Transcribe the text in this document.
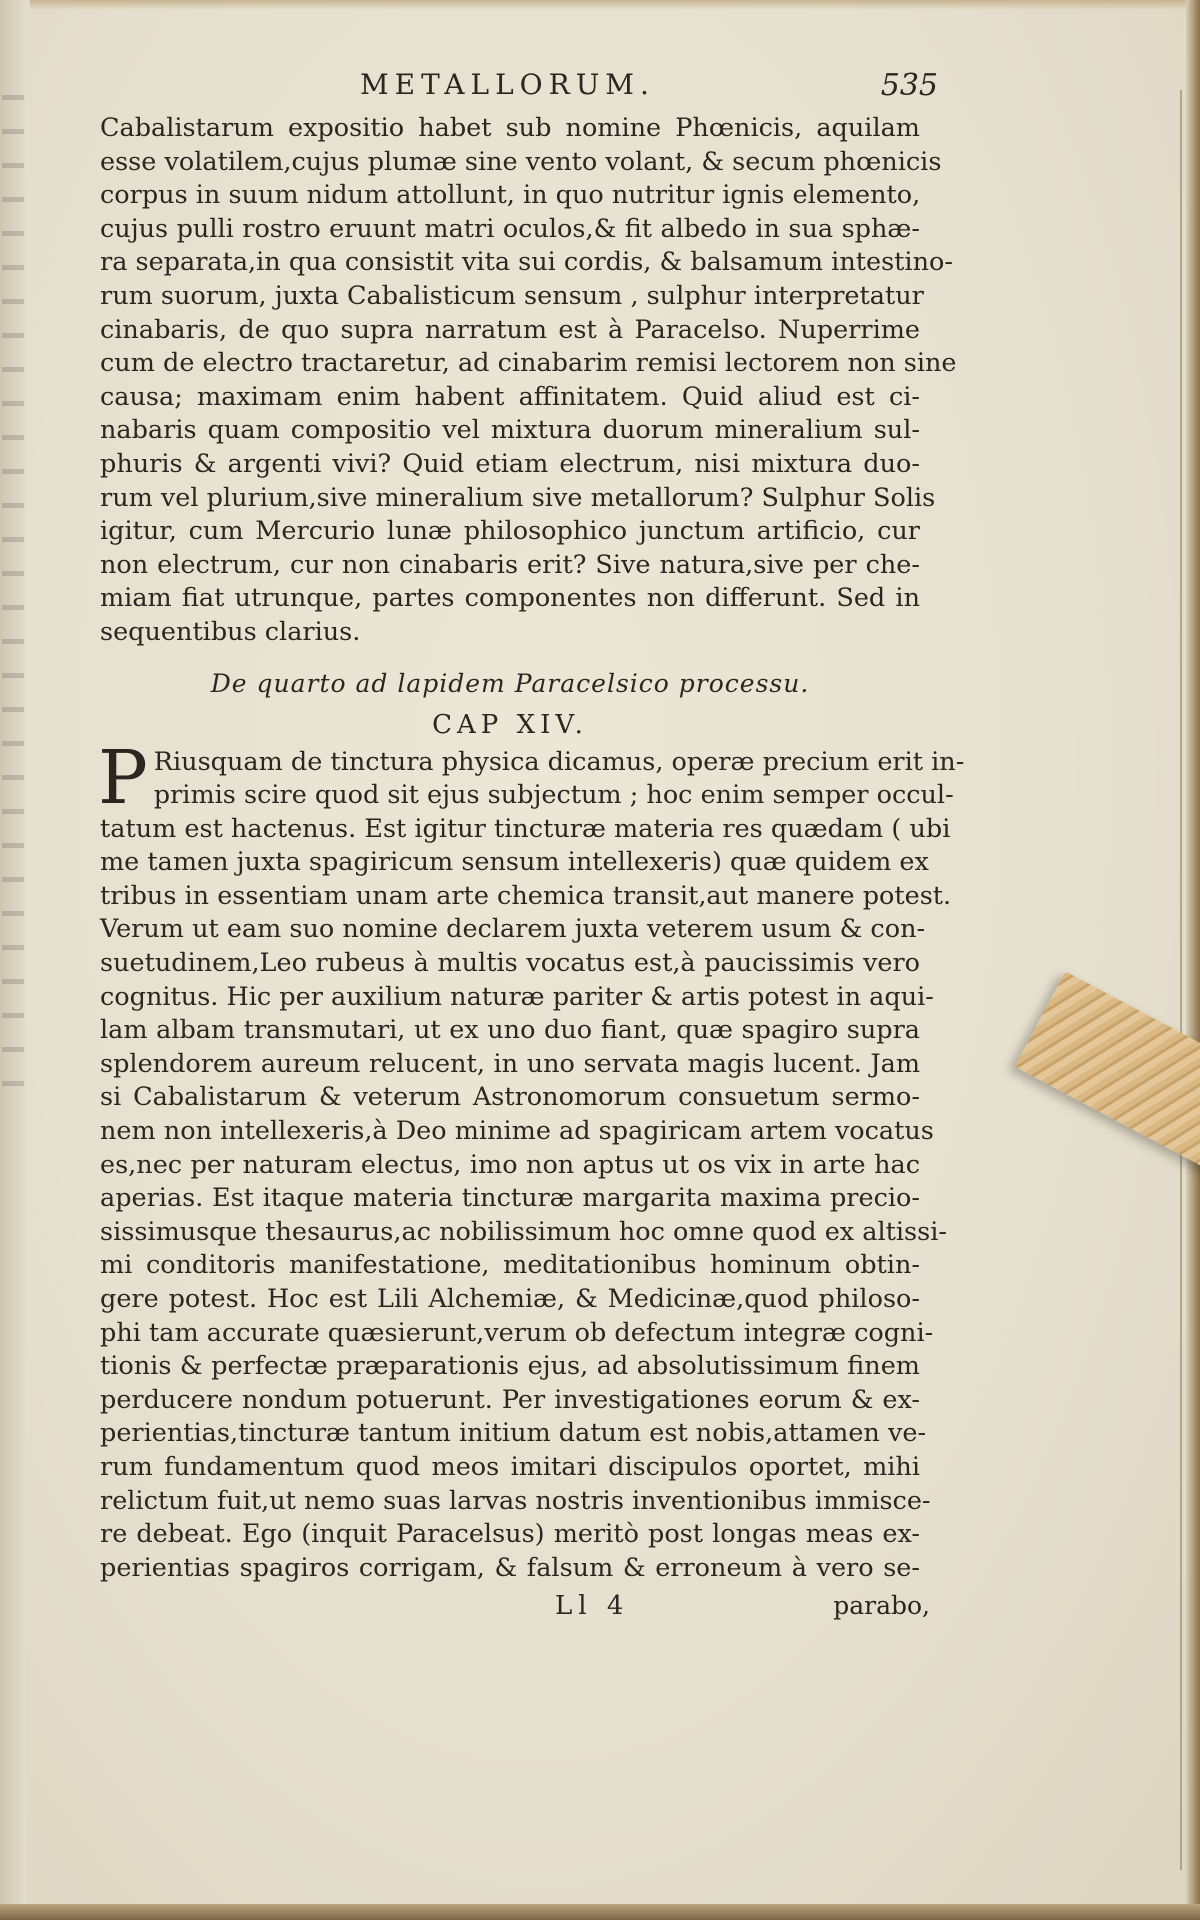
METALLORUM.	535
Cabalistarum expositio habet sub nomine Phœnicis, aquilam
esse volatilem,cujus plumæ sine vento volant, & secum phœnicis
corpus in suum nidum attollunt, in quo nutritur ignis elemento,
cujus pulli rostro eruunt matri oculos,& fit albedo in sua sphæ-
ra separata,in qua consistit vita sui cordis, & balsamum intestino-
rum suorum, juxta Cabalisticum sensum , sulphur interpretatur
cinabaris, de quo supra narratum est à Paracelso. Nuperrime
cum de electro tractaretur, ad cinabarim remisi lectorem non sine
causa; maximam enim habent affinitatem. Quid aliud est ci-
nabaris quam compositio vel mixtura duorum mineralium sul-
phuris & argenti vivi? Quid etiam electrum, nisi mixtura duo-
rum vel plurium,sive mineralium sive metallorum? Sulphur Solis
igitur, cum Mercurio lunæ philosophico junctum artificio, cur
non electrum, cur non cinabaris erit? Sive natura,sive per che-
miam fiat utrunque, partes componentes non differunt. Sed in
sequentibus clarius.
De quarto ad lapidem Paracelsico processu.
CAP XIV.
P Riusquam de tinctura physica dicamus, operæ precium erit in-
primis scire quod sit ejus subjectum ; hoc enim semper occul-
tatum est hactenus. Est igitur tincturæ materia res quædam ( ubi
me tamen juxta spagiricum sensum intellexeris) quæ quidem ex
tribus in essentiam unam arte chemica transit,aut manere potest.
Verum ut eam suo nomine declarem juxta veterem usum & con-
suetudinem,Leo rubeus à multis vocatus est,à paucissimis vero
cognitus. Hic per auxilium naturæ pariter & artis potest in aqui-
lam albam transmutari, ut ex uno duo fiant, quæ spagiro supra
splendorem aureum relucent, in uno servata magis lucent. Jam
si Cabalistarum & veterum Astronomorum consuetum sermo-
nem non intellexeris,à Deo minime ad spagiricam artem vocatus
es,nec per naturam electus, imo non aptus ut os vix in arte hac
aperias. Est itaque materia tincturæ margarita maxima precio-
sissimusque thesaurus,ac nobilissimum hoc omne quod ex altissi-
mi conditoris manifestatione, meditationibus hominum obtin-
gere potest. Hoc est Lili Alchemiæ, & Medicinæ,quod philoso-
phi tam accurate quæsierunt,verum ob defectum integræ cogni-
tionis & perfectæ præparationis ejus, ad absolutissimum finem
perducere nondum potuerunt. Per investigationes eorum & ex-
perientias,tincturæ tantum initium datum est nobis,attamen ve-
rum fundamentum quod meos imitari discipulos oportet, mihi
relictum fuit,ut nemo suas larvas nostris inventionibus immisce-
re debeat. Ego (inquit Paracelsus) meritò post longas meas ex-
perientias spagiros corrigam, & falsum & erroneum à vero se-
Ll 4	parabo,
